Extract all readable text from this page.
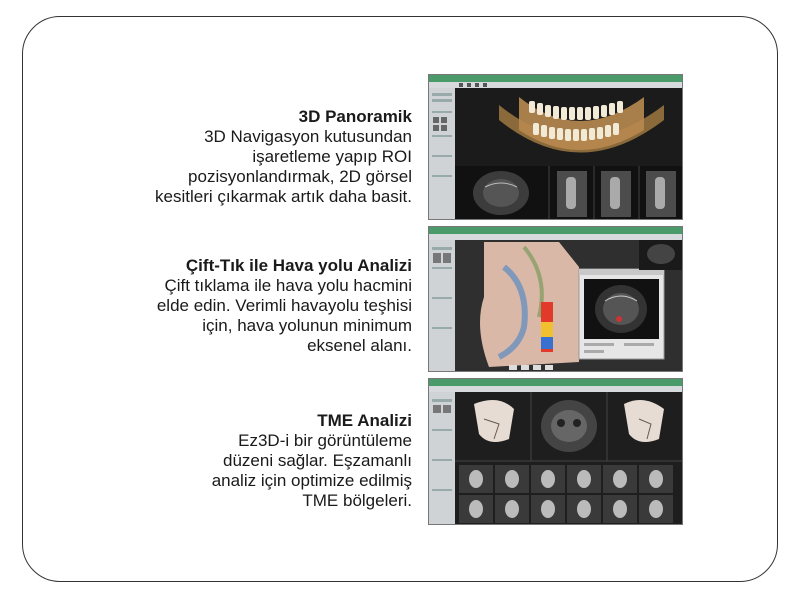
3D Panoramik

3D Navigasyon kutusundan
işaretleme yapıp ROI
pozisyonlandırmak, 2D görsel
kesitleri çıkarmak artık daha basit.

Çift-Tık ile Hava yolu Analizi

Çift tıklama ile hava yolu hacmini
elde edin. Verimli havayolu teşhisi
için, hava yolunun minimum
eksenel alanı.

TME Analizi

Ez3D-i bir görüntüleme
düzeni sağlar. Eşzamanlı
analiz için optimize edilmiş
TME bölgeleri.
